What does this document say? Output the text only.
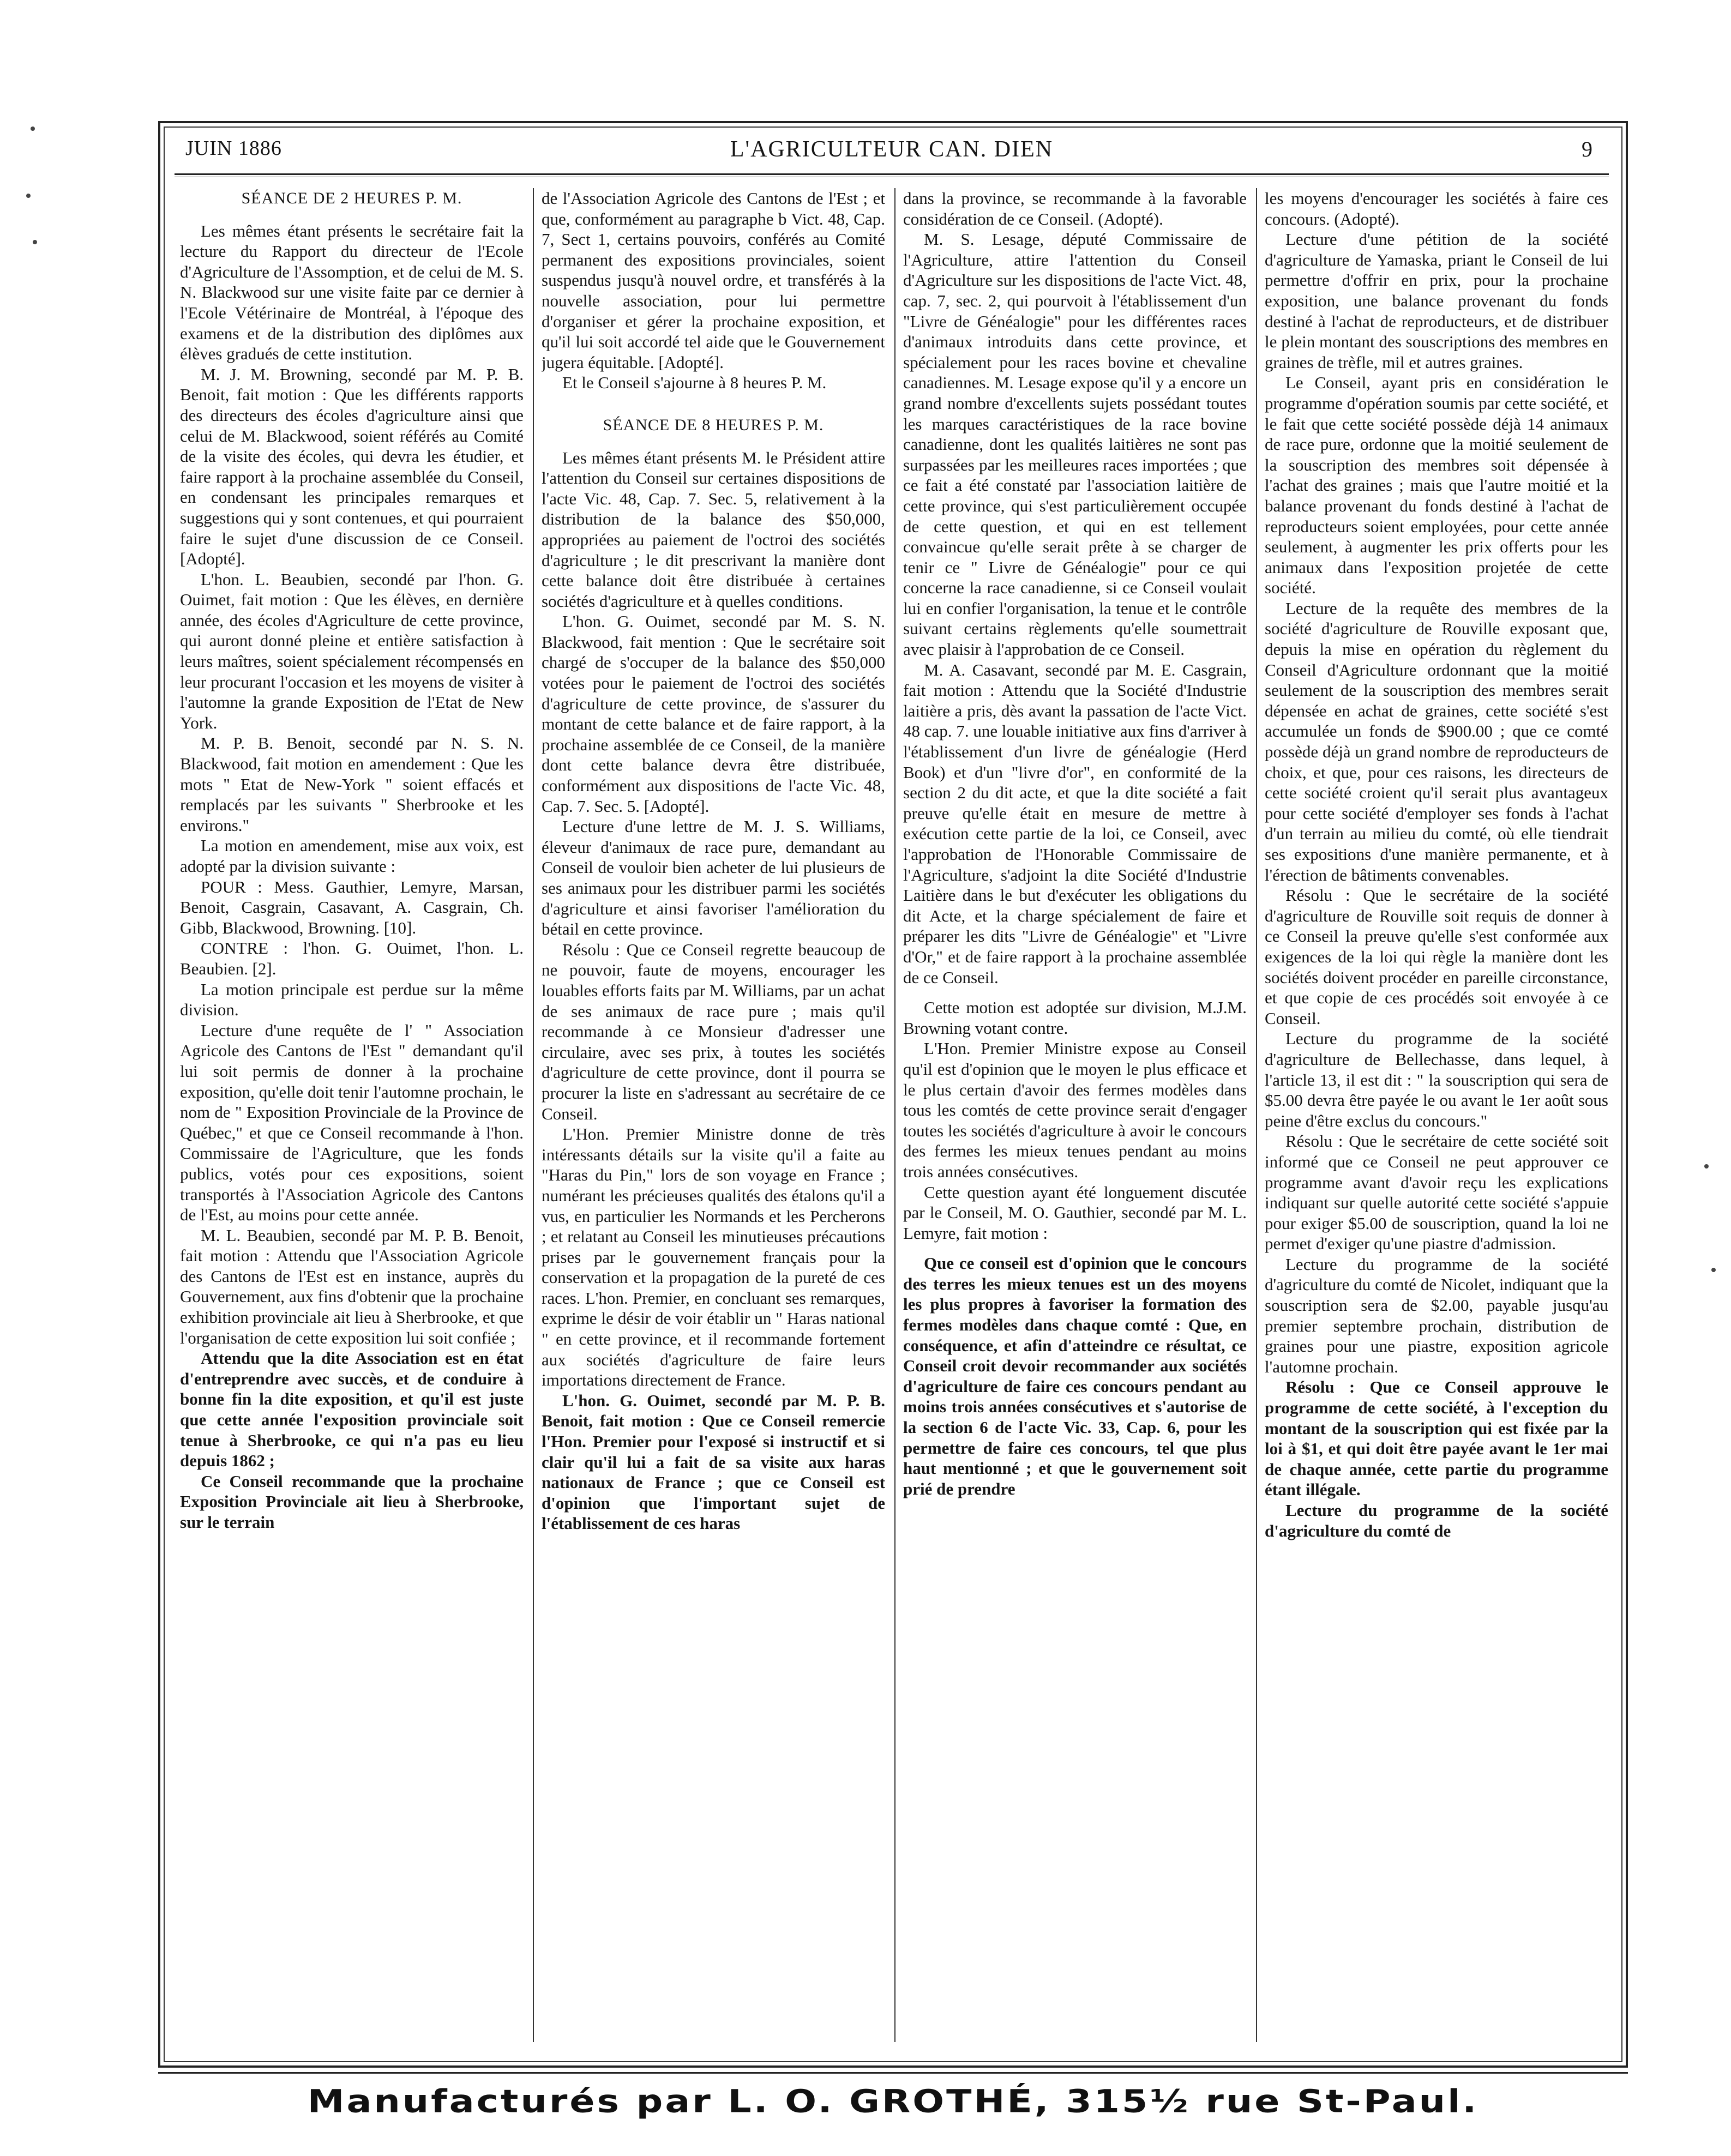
JUIN 1886	L'AGRICULTEUR CAN. DIEN	9

SÉANCE DE 2 HEURES P. M.

Les mêmes étant présents le secrétaire fait la lecture du Rapport du directeur de l'Ecole d'Agriculture de l'Assomption, et de celui de M. S. N. Blackwood sur une visite faite par ce dernier à l'Ecole Vétérinaire de Montréal, à l'époque des examens et de la distribution des diplômes aux élèves gradués de cette institution.

M. J. M. Browning, secondé par M. P. B. Benoit, fait motion : Que les différents rapports des directeurs des écoles d'agriculture ainsi que celui de M. Blackwood, soient référés au Comité de la visite des écoles, qui devra les étudier, et faire rapport à la prochaine assemblée du Conseil, en condensant les principales remarques et suggestions qui y sont contenues, et qui pourraient faire le sujet d'une discussion de ce Conseil. [Adopté].

L'hon. L. Beaubien, secondé par l'hon. G. Ouimet, fait motion : Que les élèves, en dernière année, des écoles d'Agriculture de cette province, qui auront donné pleine et entière satisfaction à leurs maîtres, soient spécialement récompensés en leur procurant l'occasion et les moyens de visiter à l'automne la grande Exposition de l'Etat de New York.

M. P. B. Benoit, secondé par N. S. N. Blackwood, fait motion en amendement : Que les mots " Etat de New-York " soient effacés et remplacés par les suivants " Sherbrooke et les environs."

La motion en amendement, mise aux voix, est adopté par la division suivante :

POUR : Mess. Gauthier, Lemyre, Marsan, Benoit, Casgrain, Casavant, A. Casgrain, Ch. Gibb, Blackwood, Browning. [10].

CONTRE : l'hon. G. Ouimet, l'hon. L. Beaubien. [2].

La motion principale est perdue sur la même division.

Lecture d'une requête de l' " Association Agricole des Cantons de l'Est " demandant qu'il lui soit permis de donner à la prochaine exposition, qu'elle doit tenir l'automne prochain, le nom de " Exposition Provinciale de la Province de Québec," et que ce Conseil recommande à l'hon. Commissaire de l'Agriculture, que les fonds publics, votés pour ces expositions, soient transportés à l'Association Agricole des Cantons de l'Est, au moins pour cette année.

M. L. Beaubien, secondé par M. P. B. Benoit, fait motion : Attendu que l'Association Agricole des Cantons de l'Est est en instance, auprès du Gouvernement, aux fins d'obtenir que la prochaine exhibition provinciale ait lieu à Sherbrooke, et que l'organisation de cette exposition lui soit confiée ;

Attendu que la dite Association est en état d'entreprendre avec succès, et de conduire à bonne fin la dite exposition, et qu'il est juste que cette année l'exposition provinciale soit tenue à Sherbrooke, ce qui n'a pas eu lieu depuis 1862 ;

Ce Conseil recommande que la prochaine Exposition Provinciale ait lieu à Sherbrooke, sur le terrain

de l'Association Agricole des Cantons de l'Est ; et que, conformément au paragraphe b Vict. 48, Cap. 7, Sect 1, certains pouvoirs, conférés au Comité permanent des expositions provinciales, soient suspendus jusqu'à nouvel ordre, et transférés à la nouvelle association, pour lui permettre d'organiser et gérer la prochaine exposition, et qu'il lui soit accordé tel aide que le Gouvernement jugera équitable. [Adopté].

Et le Conseil s'ajourne à 8 heures P. M.

SÉANCE DE 8 HEURES P. M.

Les mêmes étant présents M. le Président attire l'attention du Conseil sur certaines dispositions de l'acte Vic. 48, Cap. 7. Sec. 5, relativement à la distribution de la balance des $50,000, appropriées au paiement de l'octroi des sociétés d'agriculture ; le dit prescrivant la manière dont cette balance doit être distribuée à certaines sociétés d'agriculture et à quelles conditions.

L'hon. G. Ouimet, secondé par M. S. N. Blackwood, fait mention : Que le secrétaire soit chargé de s'occuper de la balance des $50,000 votées pour le paiement de l'octroi des sociétés d'agriculture de cette province, de s'assurer du montant de cette balance et de faire rapport, à la prochaine assemblée de ce Conseil, de la manière dont cette balance devra être distribuée, conformément aux dispositions de l'acte Vic. 48, Cap. 7. Sec. 5. [Adopté].

Lecture d'une lettre de M. J. S. Williams, éleveur d'animaux de race pure, demandant au Conseil de vouloir bien acheter de lui plusieurs de ses animaux pour les distribuer parmi les sociétés d'agriculture et ainsi favoriser l'amélioration du bétail en cette province.

Résolu : Que ce Conseil regrette beaucoup de ne pouvoir, faute de moyens, encourager les louables efforts faits par M. Williams, par un achat de ses animaux de race pure ; mais qu'il recommande à ce Monsieur d'adresser une circulaire, avec ses prix, à toutes les sociétés d'agriculture de cette province, dont il pourra se procurer la liste en s'adressant au secrétaire de ce Conseil.

L'Hon. Premier Ministre donne de très intéressants détails sur la visite qu'il a faite au "Haras du Pin," lors de son voyage en France ; numérant les précieuses qualités des étalons qu'il a vus, en particulier les Normands et les Percherons ; et relatant au Conseil les minutieuses précautions prises par le gouvernement français pour la conservation et la propagation de la pureté de ces races. L'hon. Premier, en concluant ses remarques, exprime le désir de voir établir un " Haras national " en cette province, et il recommande fortement aux sociétés d'agriculture de faire leurs importations directement de France.

L'hon. G. Ouimet, secondé par M. P. B. Benoit, fait motion : Que ce Conseil remercie l'Hon. Premier pour l'exposé si instructif et si clair qu'il lui a fait de sa visite aux haras nationaux de France ; que ce Conseil est d'opinion que l'important sujet de l'établissement de ces haras

dans la province, se recommande à la favorable considération de ce Conseil. (Adopté).

M. S. Lesage, député Commissaire de l'Agriculture, attire l'attention du Conseil d'Agriculture sur les dispositions de l'acte Vict. 48, cap. 7, sec. 2, qui pourvoit à l'établissement d'un "Livre de Généalogie" pour les différentes races d'animaux introduits dans cette province, et spécialement pour les races bovine et chevaline canadiennes. M. Lesage expose qu'il y a encore un grand nombre d'excellents sujets possédant toutes les marques caractéristiques de la race bovine canadienne, dont les qualités laitières ne sont pas surpassées par les meilleures races importées ; que ce fait a été constaté par l'association laitière de cette province, qui s'est particulièrement occupée de cette question, et qui en est tellement convaincue qu'elle serait prête à se charger de tenir ce " Livre de Généalogie" pour ce qui concerne la race canadienne, si ce Conseil voulait lui en confier l'organisation, la tenue et le contrôle suivant certains règlements qu'elle soumettrait avec plaisir à l'approbation de ce Conseil.

M. A. Casavant, secondé par M. E. Casgrain, fait motion : Attendu que la Société d'Industrie laitière a pris, dès avant la passation de l'acte Vict. 48 cap. 7. une louable initiative aux fins d'arriver à l'établissement d'un livre de généalogie (Herd Book) et d'un "livre d'or", en conformité de la section 2 du dit acte, et que la dite société a fait preuve qu'elle était en mesure de mettre à exécution cette partie de la loi, ce Conseil, avec l'approbation de l'Honorable Commissaire de l'Agriculture, s'adjoint la dite Société d'Industrie Laitière dans le but d'exécuter les obligations du dit Acte, et la charge spécialement de faire et préparer les dits "Livre de Généalogie" et "Livre d'Or," et de faire rapport à la prochaine assemblée de ce Conseil.

Cette motion est adoptée sur division, M.J.M. Browning votant contre.

L'Hon. Premier Ministre expose au Conseil qu'il est d'opinion que le moyen le plus efficace et le plus certain d'avoir des fermes modèles dans tous les comtés de cette province serait d'engager toutes les sociétés d'agriculture à avoir le concours des fermes les mieux tenues pendant au moins trois années consécutives.

Cette question ayant été longuement discutée par le Conseil, M. O. Gauthier, secondé par M. L. Lemyre, fait motion :

Que ce conseil est d'opinion que le concours des terres les mieux tenues est un des moyens les plus propres à favoriser la formation des fermes modèles dans chaque comté : Que, en conséquence, et afin d'atteindre ce résultat, ce Conseil croit devoir recommander aux sociétés d'agriculture de faire ces concours pendant au moins trois années consécutives et s'autorise de la section 6 de l'acte Vic. 33, Cap. 6, pour les permettre de faire ces concours, tel que plus haut mentionné ; et que le gouvernement soit prié de prendre

les moyens d'encourager les sociétés à faire ces concours. (Adopté).

Lecture d'une pétition de la société d'agriculture de Yamaska, priant le Conseil de lui permettre d'offrir en prix, pour la prochaine exposition, une balance provenant du fonds destiné à l'achat de reproducteurs, et de distribuer le plein montant des souscriptions des membres en graines de trèfle, mil et autres graines.

Le Conseil, ayant pris en considération le programme d'opération soumis par cette société, et le fait que cette société possède déjà 14 animaux de race pure, ordonne que la moitié seulement de la souscription des membres soit dépensée à l'achat des graines ; mais que l'autre moitié et la balance provenant du fonds destiné à l'achat de reproducteurs soient employées, pour cette année seulement, à augmenter les prix offerts pour les animaux dans l'exposition projetée de cette société.

Lecture de la requête des membres de la société d'agriculture de Rouville exposant que, depuis la mise en opération du règlement du Conseil d'Agriculture ordonnant que la moitié seulement de la souscription des membres serait dépensée en achat de graines, cette société s'est accumulée un fonds de $900.00 ; que ce comté possède déjà un grand nombre de reproducteurs de choix, et que, pour ces raisons, les directeurs de cette société croient qu'il serait plus avantageux pour cette société d'employer ses fonds à l'achat d'un terrain au milieu du comté, où elle tiendrait ses expositions d'une manière permanente, et à l'érection de bâtiments convenables.

Résolu : Que le secrétaire de la société d'agriculture de Rouville soit requis de donner à ce Conseil la preuve qu'elle s'est conformée aux exigences de la loi qui règle la manière dont les sociétés doivent procéder en pareille circonstance, et que copie de ces procédés soit envoyée à ce Conseil.

Lecture du programme de la société d'agriculture de Bellechasse, dans lequel, à l'article 13, il est dit : " la souscription qui sera de $5.00 devra être payée le ou avant le 1er août sous peine d'être exclus du concours."

Résolu : Que le secrétaire de cette société soit informé que ce Conseil ne peut approuver ce programme avant d'avoir reçu les explications indiquant sur quelle autorité cette société s'appuie pour exiger $5.00 de souscription, quand la loi ne permet d'exiger qu'une piastre d'admission.

Lecture du programme de la société d'agriculture du comté de Nicolet, indiquant que la souscription sera de $2.00, payable jusqu'au premier septembre prochain, distribution de graines pour une piastre, exposition agricole l'automne prochain.

Résolu : Que ce Conseil approuve le programme de cette société, à l'exception du montant de la souscription qui est fixée par la loi à $1, et qui doit être payée avant le 1er mai de chaque année, cette partie du programme étant illégale.

Lecture du programme de la société d'agriculture du comté de

Manufacturés par L. O. GROTHÉ, 315½ rue St-Paul.
